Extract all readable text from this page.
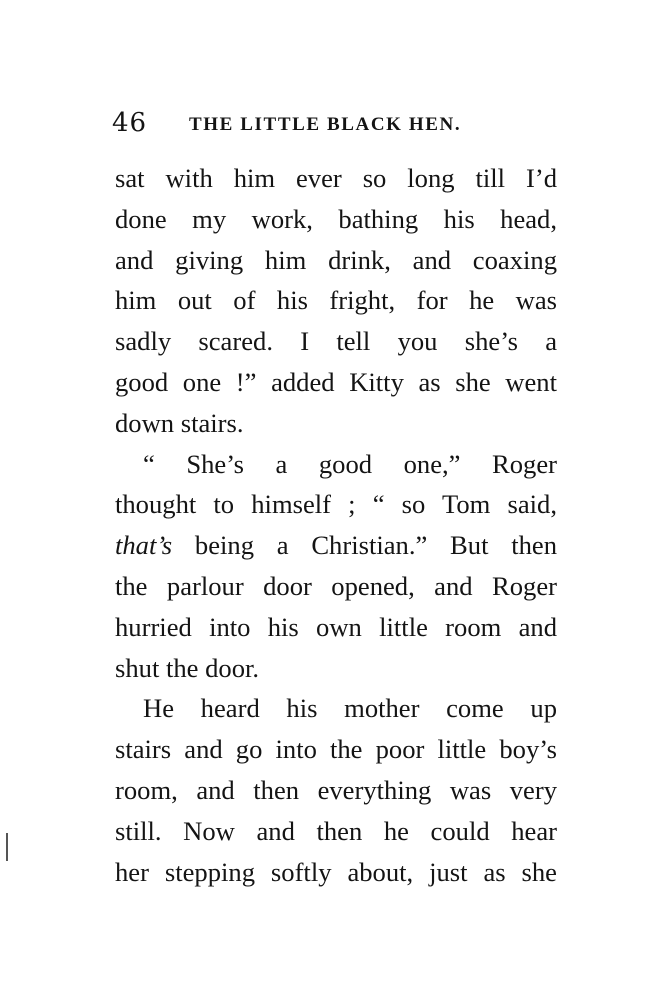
46 THE LITTLE BLACK HEN.
sat with him ever so long till I’d
done my work, bathing his head,
and giving him drink, and coaxing
him out of his fright, for he was
sadly scared. I tell you she’s a
good one !” added Kitty as she went
down stairs.
“ She’s a good one,” Roger
thought to himself ; “ so Tom said,
that’s being a Christian.” But then
the parlour door opened, and Roger
hurried into his own little room and
shut the door.
He heard his mother come up
stairs and go into the poor little boy’s
room, and then everything was very
still. Now and then he could hear
her stepping softly about, just as she
